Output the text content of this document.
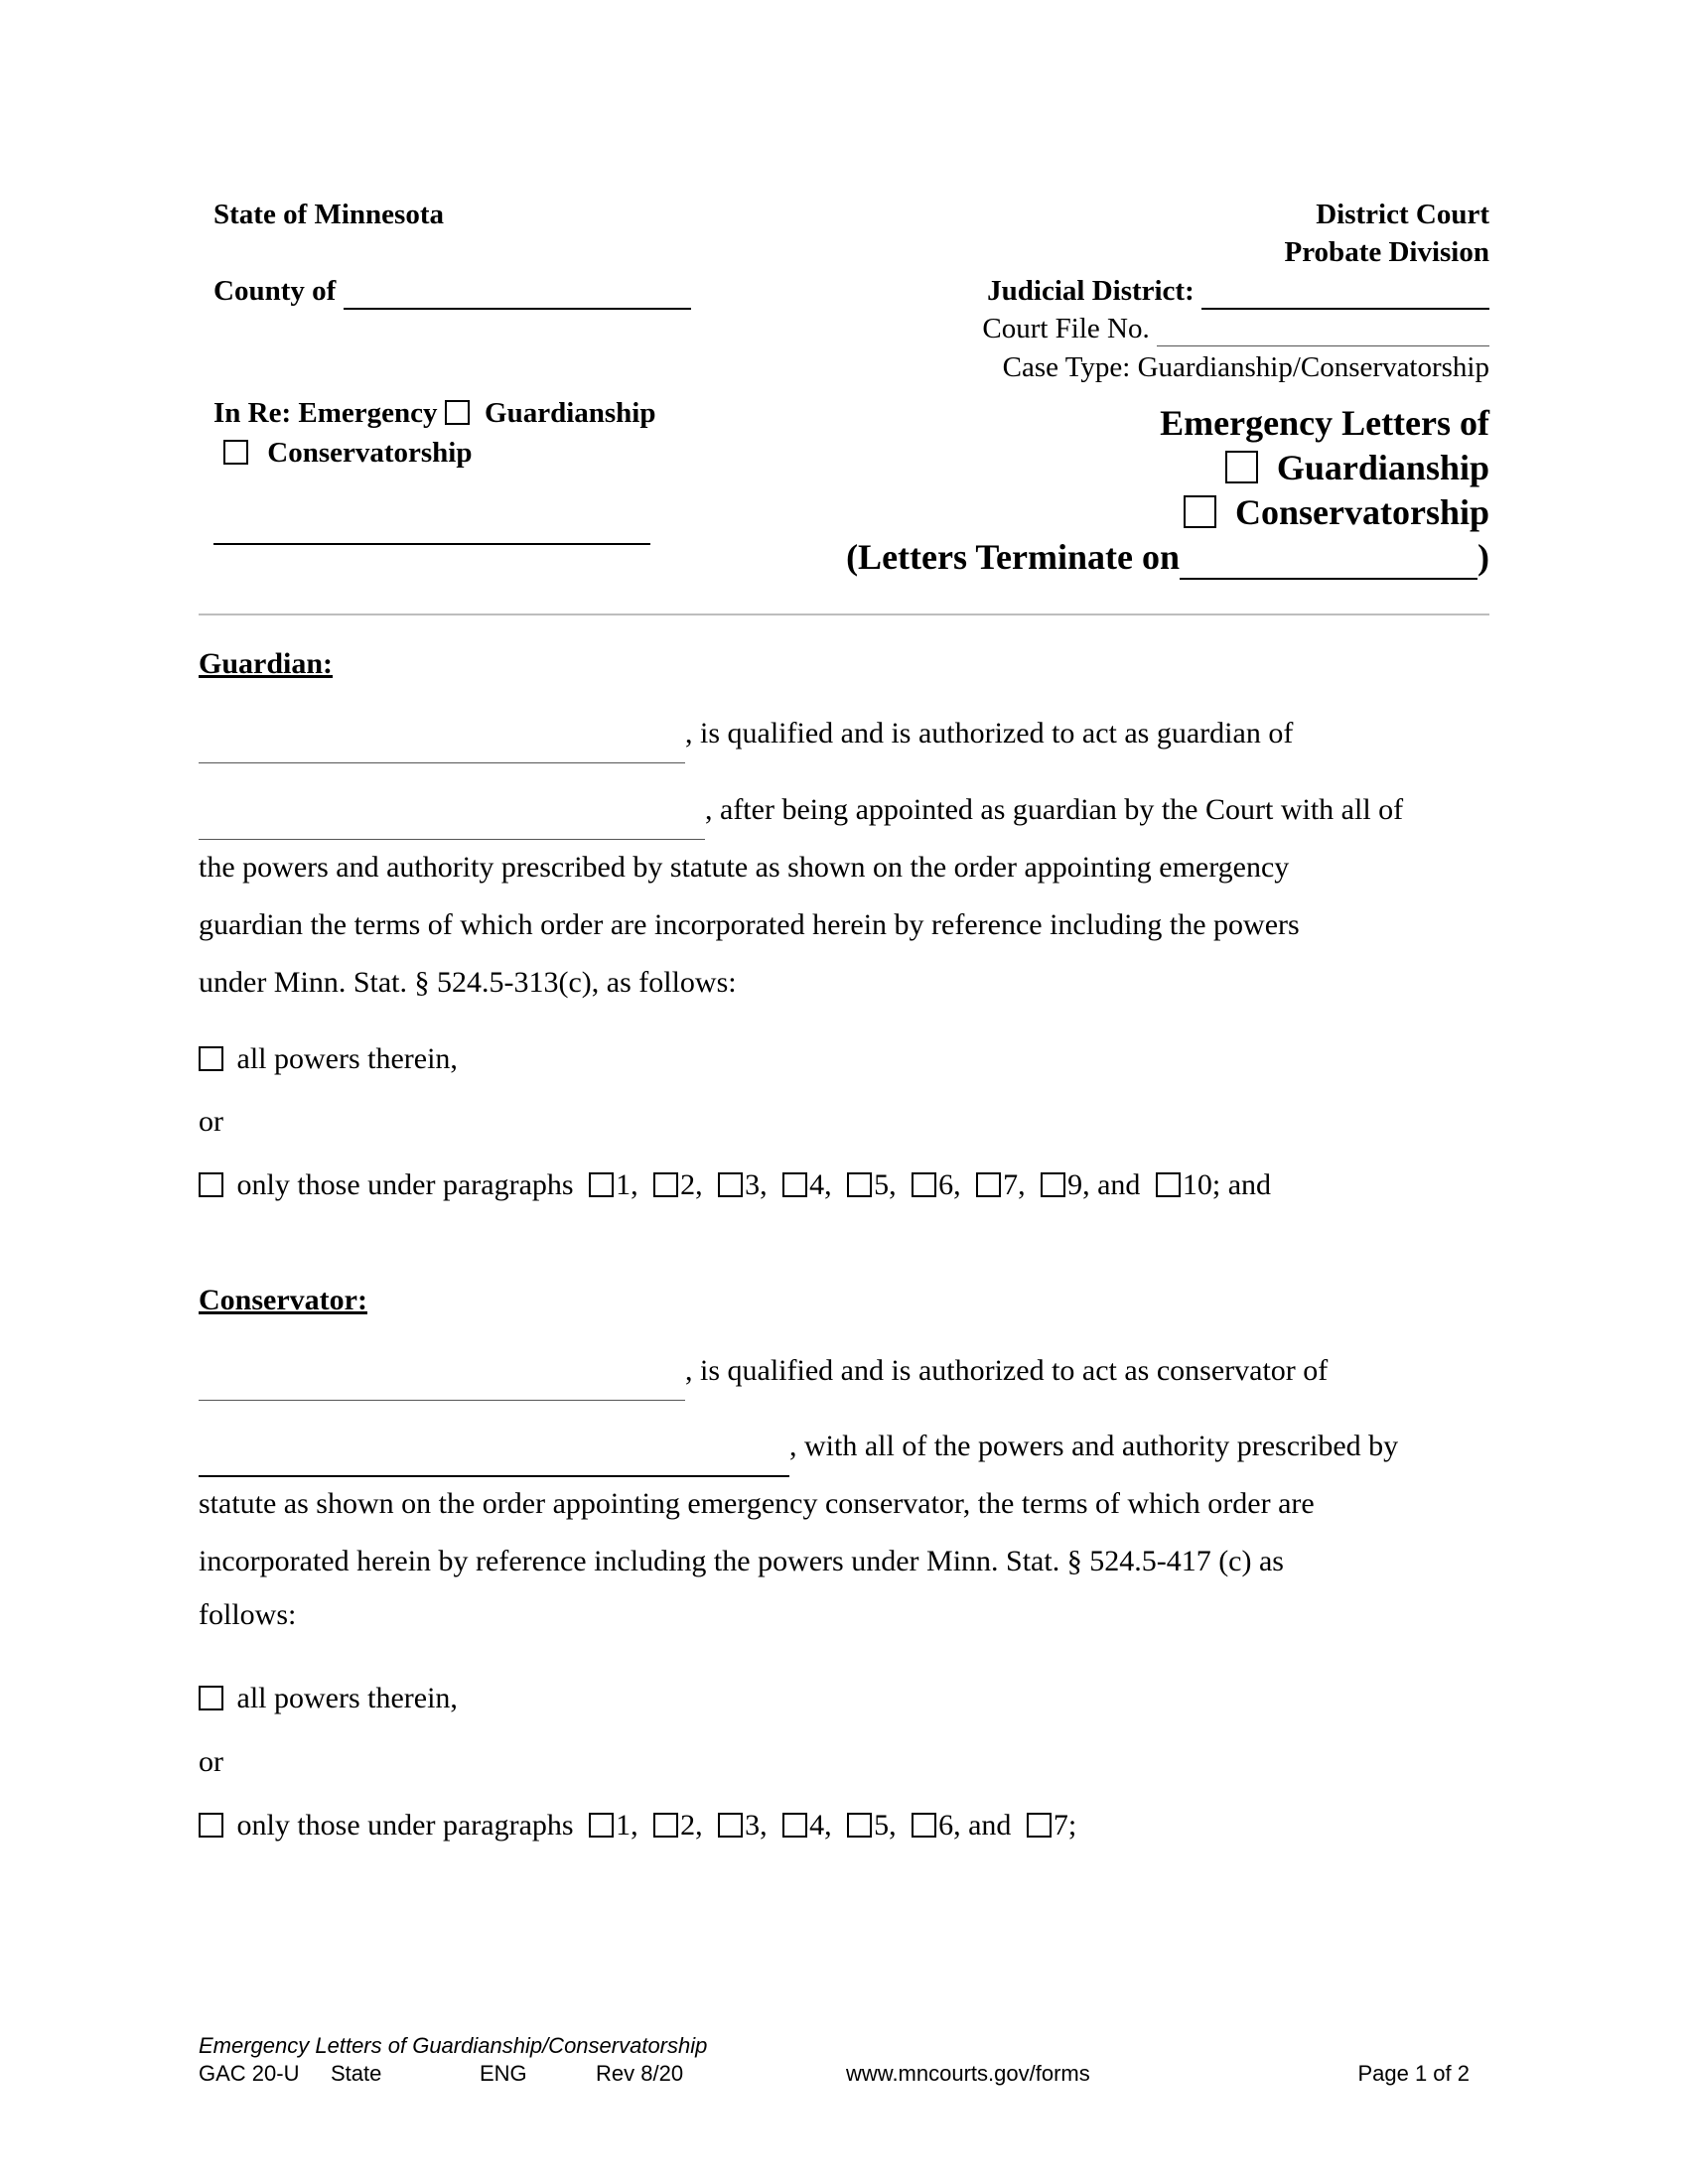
State of Minnesota
County of
District Court
Probate Division
Judicial District:
Court File No.
Case Type: Guardianship/Conservatorship
In Re: Emergency Guardianship
Conservatorship
Emergency Letters of
Guardianship
Conservatorship
(Letters Terminate on	)
Guardian:
, is qualified and is authorized to act as guardian of
, after being appointed as guardian by the Court with all of
the powers and authority prescribed by statute as shown on the order appointing emergency
guardian the terms of which order are incorporated herein by reference including the powers
under Minn. Stat. § 524.5-313(c), as follows:
all powers therein,
or
only those under paragraphs 1, 2, 3, 4, 5, 6, 7, 9, and 10; and
Conservator:
, is qualified and is authorized to act as conservator of
, with all of the powers and authority prescribed by
statute as shown on the order appointing emergency conservator, the terms of which order are
incorporated herein by reference including the powers under Minn. Stat. § 524.5-417 (c) as
follows:
all powers therein,
or
only those under paragraphs 1, 2, 3, 4, 5, 6, and 7;
Emergency Letters of Guardianship/Conservatorship
GAC 20-U State	ENG	Rev 8/20	www.mncourts.gov/forms	Page 1 of 2
